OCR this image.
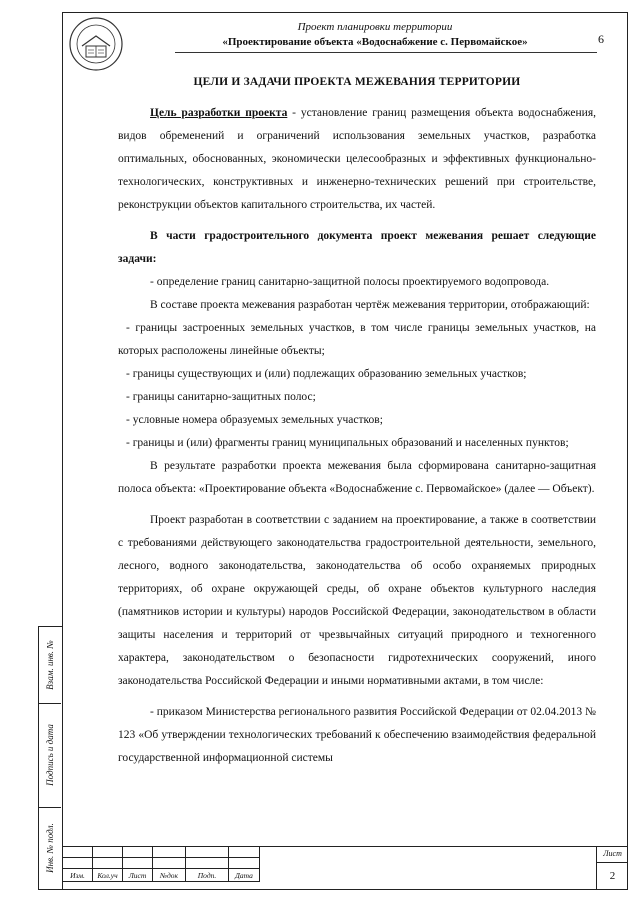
Взам. инв. №
Подпись и дата
Инв. № подл.
Проект планировки территории
«Проектирование объекта «Водоснабжение с. Первомайское»	6
ЦЕЛИ И ЗАДАЧИ ПРОЕКТА МЕЖЕВАНИЯ ТЕРРИТОРИИ

Цель разработки проекта - установление границ размещения объекта водоснабжения, видов обременений и ограничений использования земельных участков, разработка оптимальных, обоснованных, экономически целесообразных и эффективных функционально-технологических, конструктивных и инженерно-технических решений при строительстве, реконструкции объектов капитального строительства, их частей.

В части градостроительного документа проект межевания решает следующие задачи:

- определение границ санитарно-защитной полосы проектируемого водопровода.

В составе проекта межевания разработан чертёж межевания территории, отображающий:

- границы застроенных земельных участков, в том числе границы земельных участков, на которых расположены линейные объекты;

- границы существующих и (или) подлежащих образованию земельных участков;

- границы санитарно-защитных полос;

- условные номера образуемых земельных участков;

- границы и (или) фрагменты границ муниципальных образований и населенных пунктов;

В результате разработки проекта межевания была сформирована санитарно-защитная полоса объекта: «Проектирование объекта «Водоснабжение с. Первомайское» (далее — Объект).

Проект разработан в соответствии с заданием на проектирование, а также в соответствии с требованиями действующего законодательства градостроительной деятельности, земельного, лесного, водного законодательства, законодательства об особо охраняемых природных территориях, об охране окружающей среды, об охране объектов культурного наследия (памятников истории и культуры) народов Российской Федерации, законодательством в области защиты населения и территорий от чрезвычайных ситуаций природного и техногенного характера, законодательством о безопасности гидротехнических сооружений, иного законодательства Российской Федерации и иными нормативными актами, в том числе:

- приказом Министерства регионального развития Российской Федерации от 02.04.2013 № 123 «Об утверждении технологических требований к обеспечению взаимодействия федеральной государственной информационной системы

Изм.	Кол.уч	Лист	№док	Подп.	Дата
Лист
2
